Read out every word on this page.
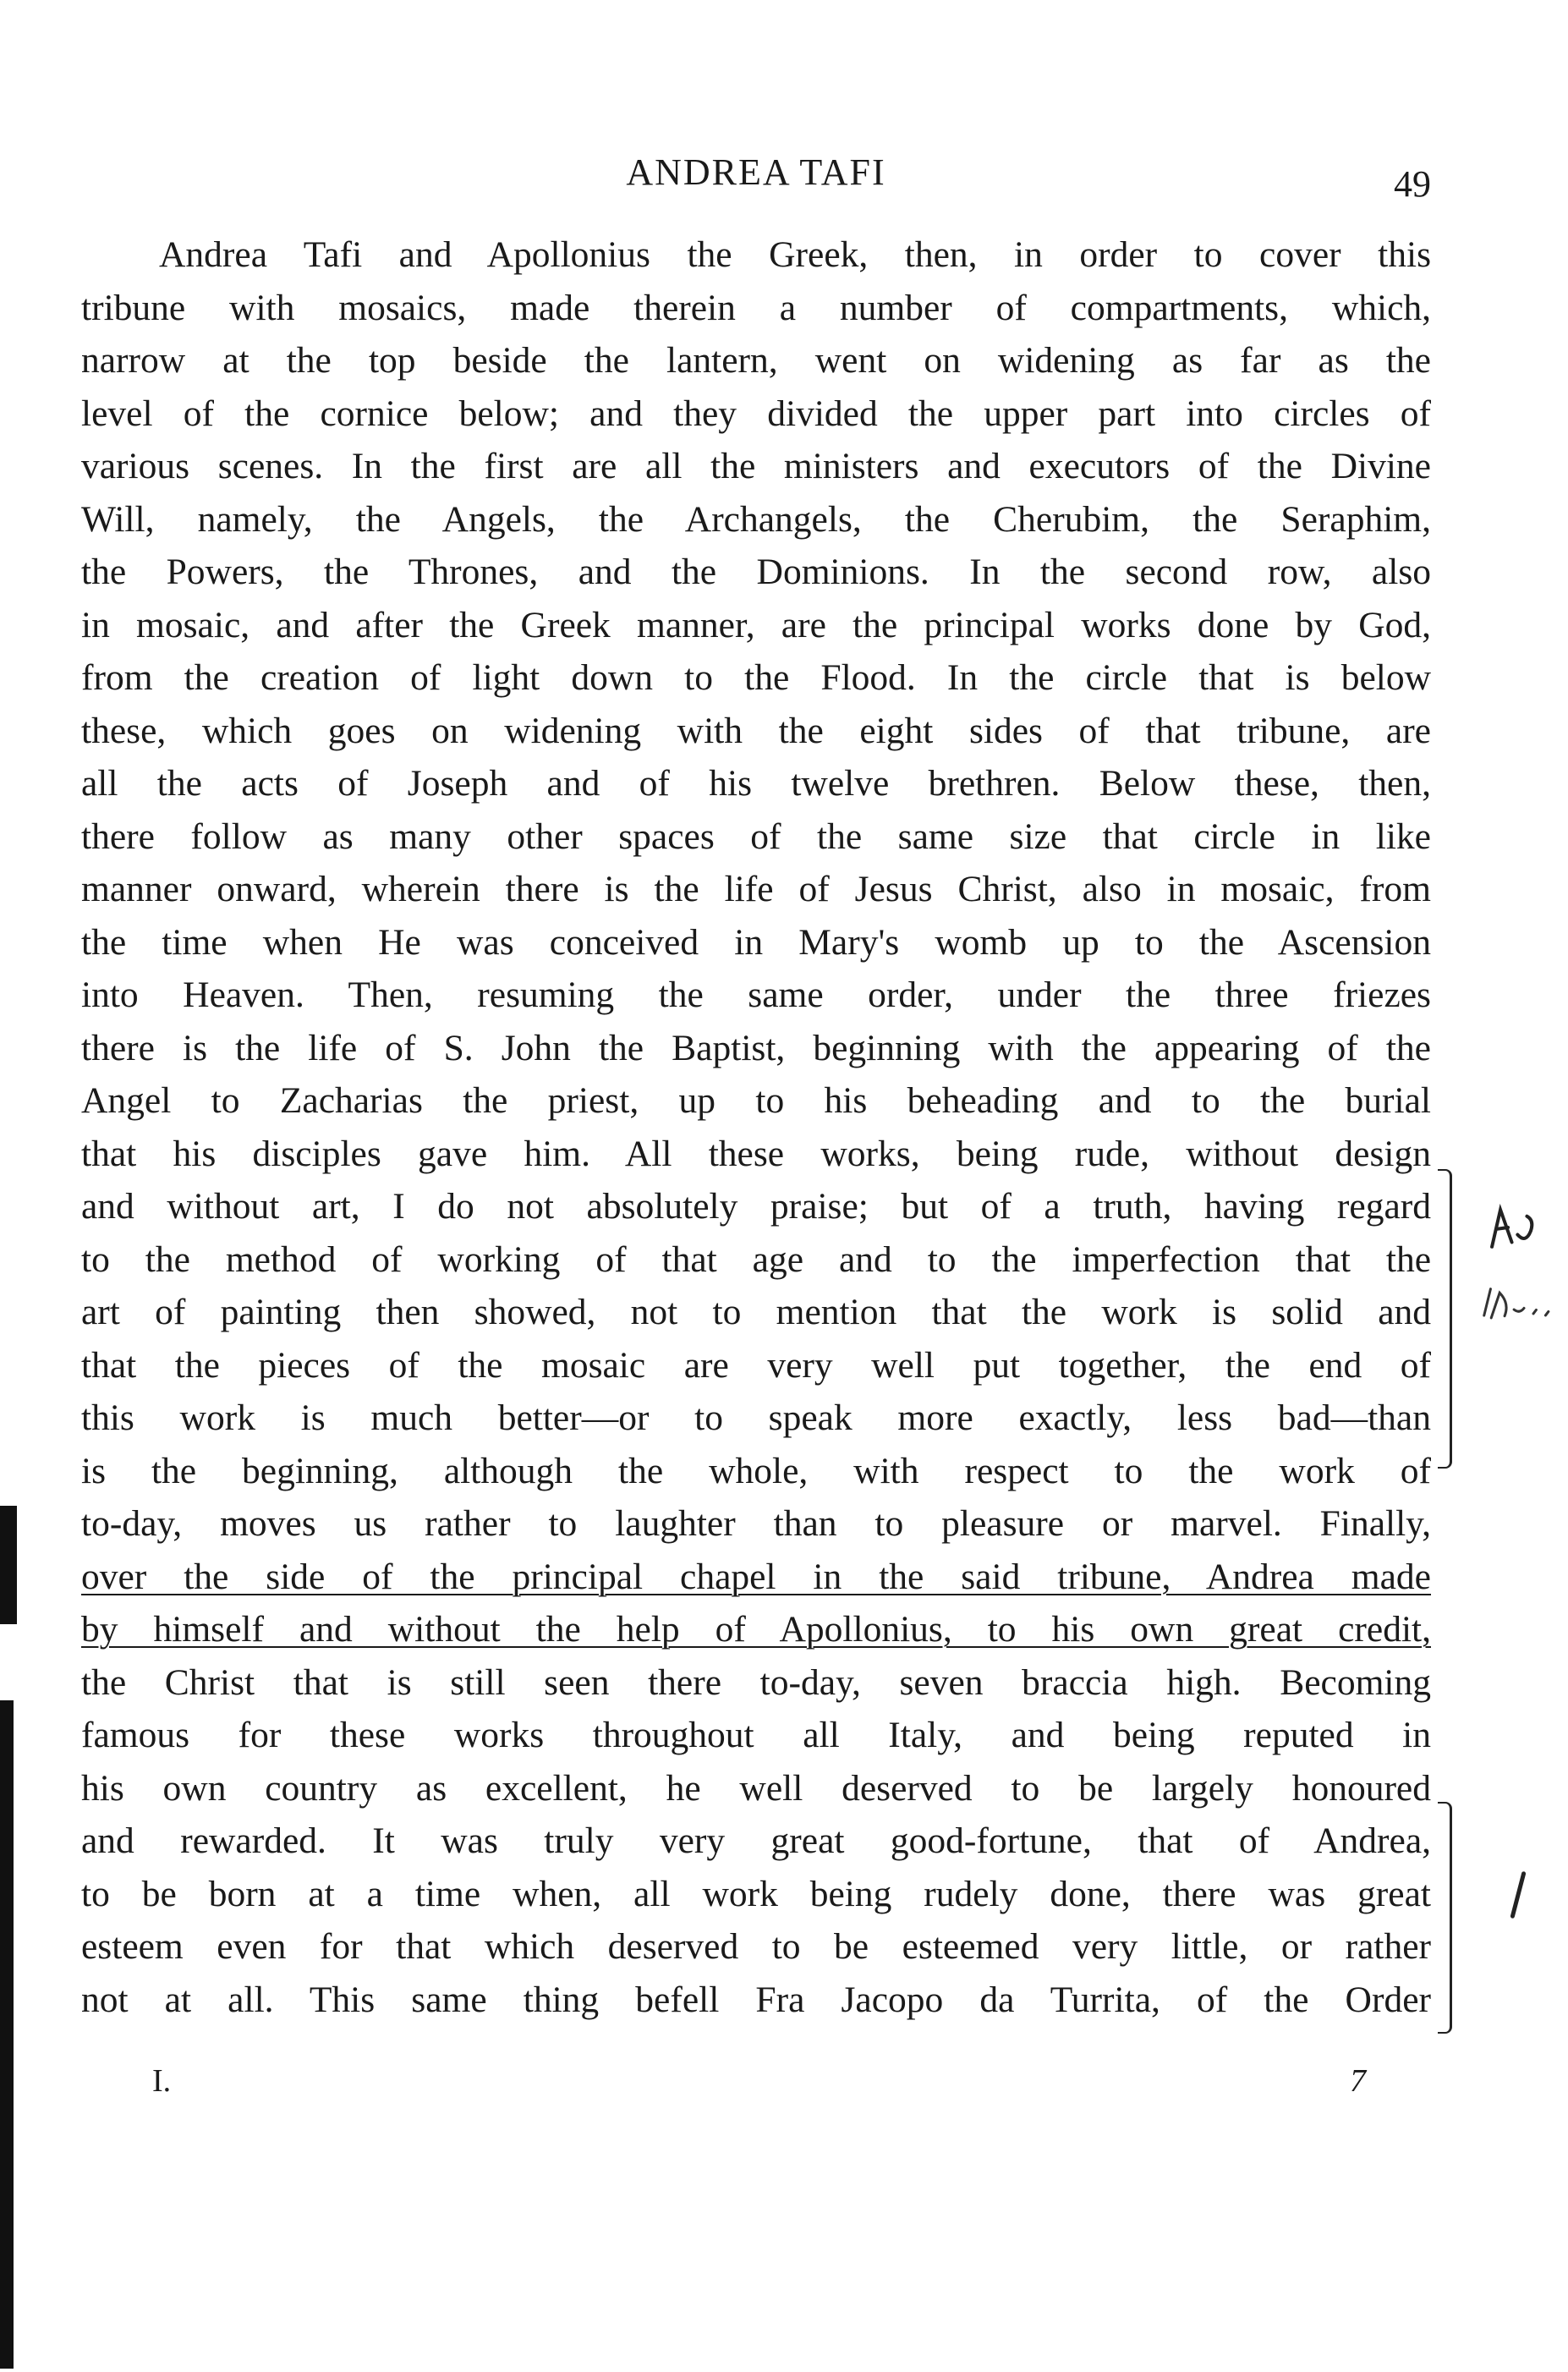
ANDREA TAFI	49
Andrea Tafi and Apollonius the Greek, then, in order to cover this
tribune with mosaics, made therein a number of compartments, which,
narrow at the top beside the lantern, went on widening as far as the
level of the cornice below; and they divided the upper part into circles of
various scenes. In the first are all the ministers and executors of the Divine
Will, namely, the Angels, the Archangels, the Cherubim, the Seraphim,
the Powers, the Thrones, and the Dominions. In the second row, also
in mosaic, and after the Greek manner, are the principal works done by God,
from the creation of light down to the Flood. In the circle that is below
these, which goes on widening with the eight sides of that tribune, are
all the acts of Joseph and of his twelve brethren. Below these, then,
there follow as many other spaces of the same size that circle in like
manner onward, wherein there is the life of Jesus Christ, also in mosaic, from
the time when He was conceived in Mary's womb up to the Ascension
into Heaven. Then, resuming the same order, under the three friezes
there is the life of S. John the Baptist, beginning with the appearing of the
Angel to Zacharias the priest, up to his beheading and to the burial
that his disciples gave him. All these works, being rude, without design
and without art, I do not absolutely praise; but of a truth, having regard
to the method of working of that age and to the imperfection that the
art of painting then showed, not to mention that the work is solid and
that the pieces of the mosaic are very well put together, the end of
this work is much better—or to speak more exactly, less bad—than
is the beginning, although the whole, with respect to the work of
to-day, moves us rather to laughter than to pleasure or marvel. Finally,
over the side of the principal chapel in the said tribune, Andrea made
by himself and without the help of Apollonius, to his own great credit,
the Christ that is still seen there to-day, seven braccia high. Becoming
famous for these works throughout all Italy, and being reputed in
his own country as excellent, he well deserved to be largely honoured
and rewarded. It was truly very great good-fortune, that of Andrea,
to be born at a time when, all work being rudely done, there was great
esteem even for that which deserved to be esteemed very little, or rather
not at all. This same thing befell Fra Jacopo da Turrita, of the Order
I.	7
